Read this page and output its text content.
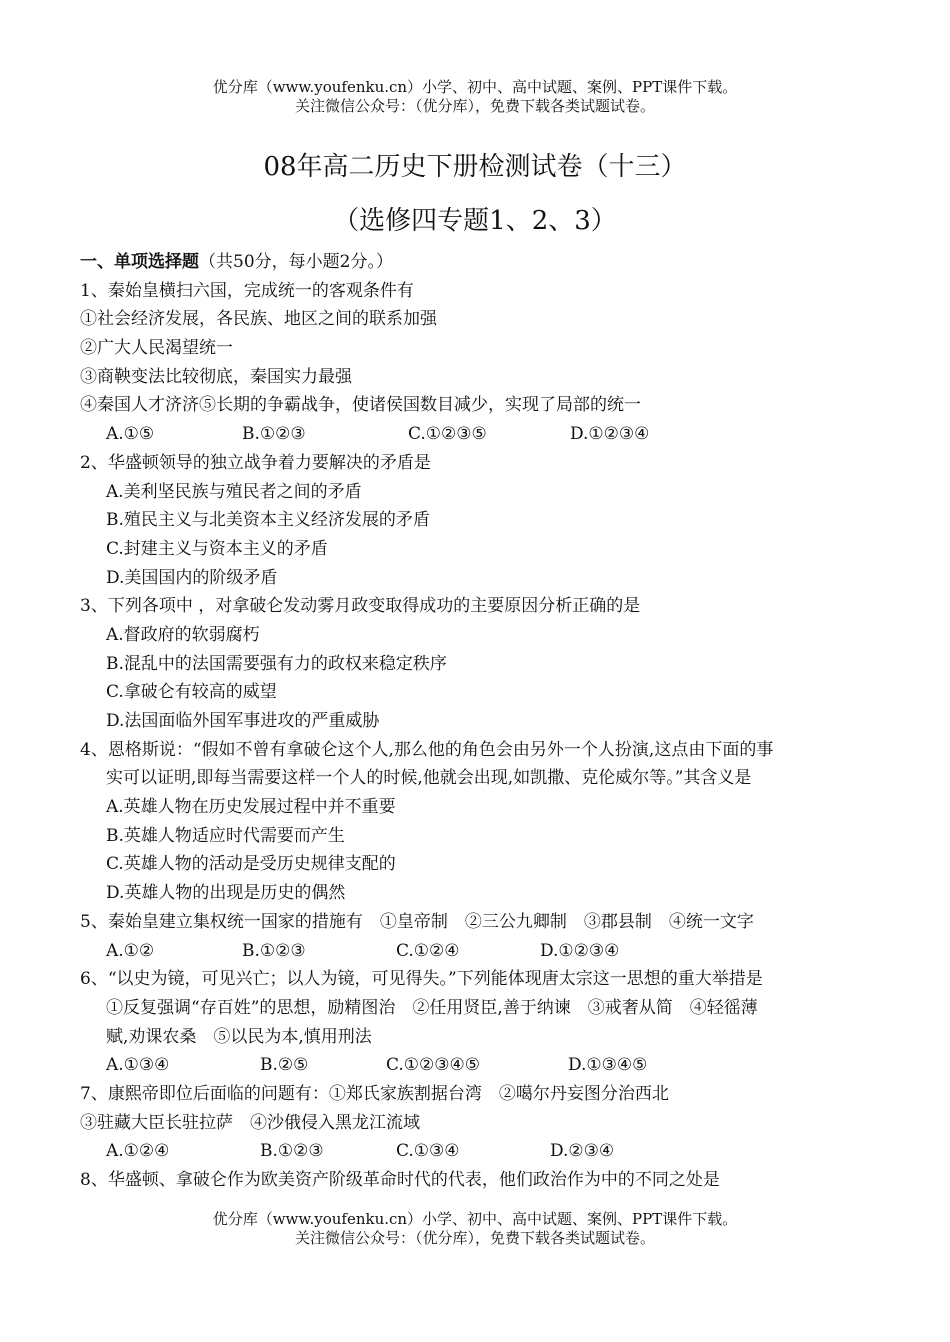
优分库（www.youfenku.cn）小学、初中、高中试题、案例、PPT课件下载。
关注微信公众号：（优分库），免费下载各类试题试卷。
08年高二历史下册检测试卷（十三）
（选修四专题1、2、3）
一、单项选择题（共50分，每小题2分。）
1、秦始皇横扫六国，完成统一的客观条件有
①社会经济发展，各民族、地区之间的联系加强
②广大人民渴望统一
③商鞅变法比较彻底，秦国实力最强
④秦国人才济济⑤长期的争霸战争，使诸侯国数目减少，实现了局部的统一
A.①⑤	B.①②③	C.①②③⑤	D.①②③④
2、华盛顿领导的独立战争着力要解决的矛盾是
A.美利坚民族与殖民者之间的矛盾
B.殖民主义与北美资本主义经济发展的矛盾
C.封建主义与资本主义的矛盾
D.美国国内的阶级矛盾
3、下列各项中 ，对拿破仑发动雾月政变取得成功的主要原因分析正确的是
A.督政府的软弱腐朽
B.混乱中的法国需要强有力的政权来稳定秩序
C.拿破仑有较高的威望
D.法国面临外国军事进攻的严重威胁
4、恩格斯说：“假如不曾有拿破仑这个人,那么他的角色会由另外一个人扮演,这点由下面的事
实可以证明,即每当需要这样一个人的时候,他就会出现,如凯撒、克伦威尔等。”其含义是
A.英雄人物在历史发展过程中并不重要
B.英雄人物适应时代需要而产生
C.英雄人物的活动是受历史规律支配的
D.英雄人物的出现是历史的偶然
5、秦始皇建立集权统一国家的措施有　①皇帝制　②三公九卿制　③郡县制　④统一文字
A.①②	B.①②③	C.①②④	D.①②③④
6、“以史为镜，可见兴亡；以人为镜，可见得失。”下列能体现唐太宗这一思想的重大举措是
①反复强调“存百姓”的思想，励精图治　②任用贤臣,善于纳谏　③戒奢从简　④轻徭薄
赋,劝课农桑　⑤以民为本,慎用刑法
A.①③④	B.②⑤	C.①②③④⑤	D.①③④⑤
7、康熙帝即位后面临的问题有：①郑氏家族割据台湾　②噶尔丹妄图分治西北
③驻藏大臣长驻拉萨　④沙俄侵入黑龙江流域
A.①②④	B.①②③	C.①③④	D.②③④
8、华盛顿、拿破仑作为欧美资产阶级革命时代的代表，他们政治作为中的不同之处是
优分库（www.youfenku.cn）小学、初中、高中试题、案例、PPT课件下载。
关注微信公众号：（优分库），免费下载各类试题试卷。
